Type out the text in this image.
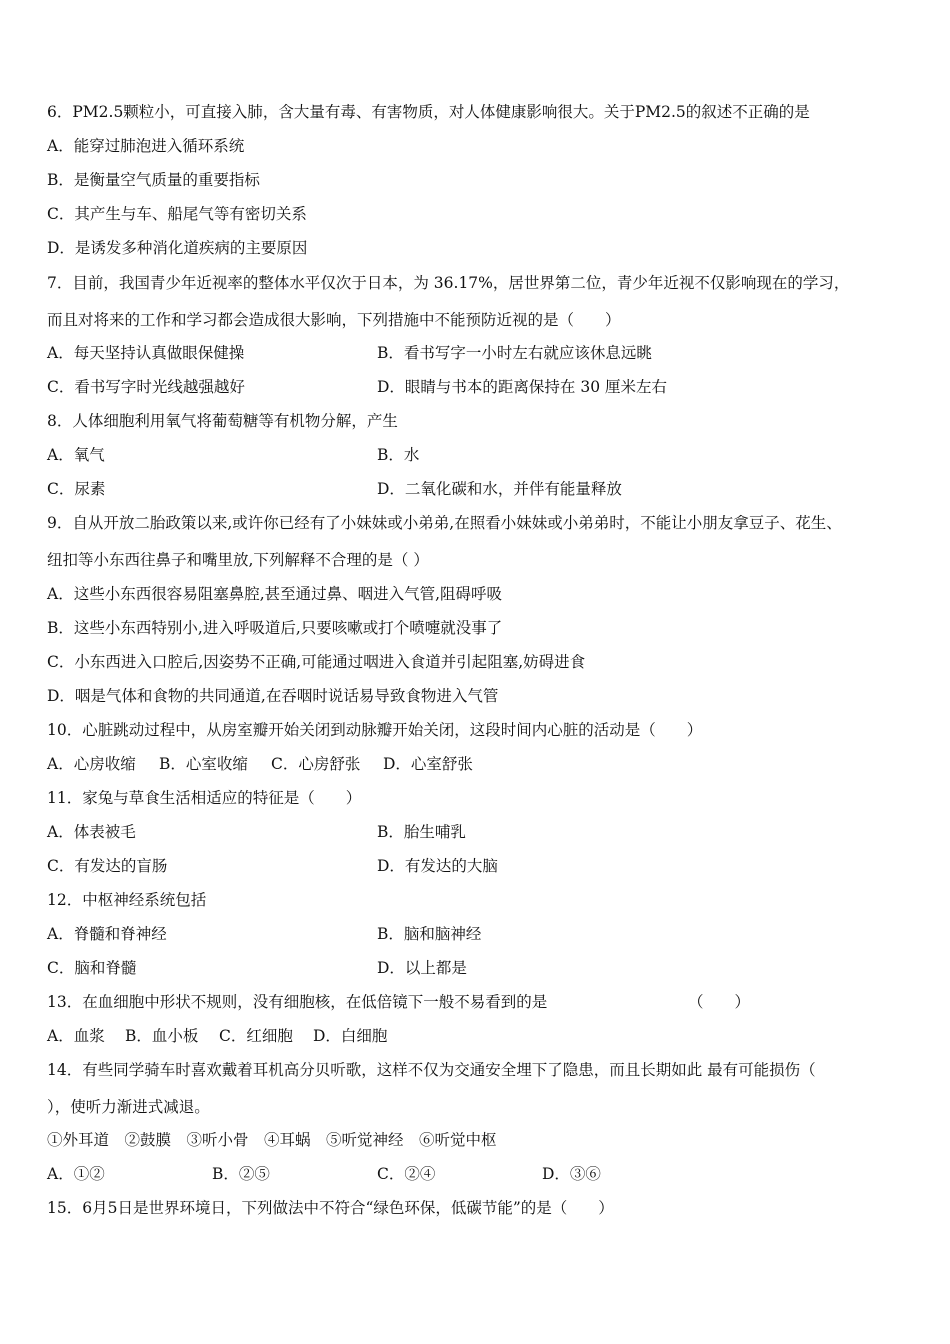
6．PM2.5颗粒小，可直接入肺，含大量有毒、有害物质，对人体健康影响很大。关于PM2.5的叙述不正确的是
A．能穿过肺泡进入循环系统
B．是衡量空气质量的重要指标
C．其产生与车、船尾气等有密切关系
D．是诱发多种消化道疾病的主要原因
7．目前，我国青少年近视率的整体水平仅次于日本，为 36.17%，居世界第二位，青少年近视不仅影响现在的学习，
而且对将来的工作和学习都会造成很大影响，下列措施中不能预防近视的是（　　）
A．每天坚持认真做眼保健操	B．看书写字一小时左右就应该休息远眺
C．看书写字时光线越强越好	D．眼睛与书本的距离保持在 30 厘米左右
8．人体细胞利用氧气将葡萄糖等有机物分解，产生
A．氧气	B．水
C．尿素	D．二氧化碳和水，并伴有能量释放
9．自从开放二胎政策以来,或许你已经有了小妹妹或小弟弟,在照看小妹妹或小弟弟时，不能让小朋友拿豆子、花生、
纽扣等小东西往鼻子和嘴里放,下列解释不合理的是（ ）
A．这些小东西很容易阻塞鼻腔,甚至通过鼻、咽进入气管,阻碍呼吸
B．这些小东西特别小,进入呼吸道后,只要咳嗽或打个喷嚏就没事了
C．小东西进入口腔后,因姿势不正确,可能通过咽进入食道并引起阻塞,妨碍进食
D．咽是气体和食物的共同通道,在吞咽时说话易导致食物进入气管
10．心脏跳动过程中，从房室瓣开始关闭到动脉瓣开始关闭，这段时间内心脏的活动是（　　）
A．心房收缩 B．心室收缩 C．心房舒张 D．心室舒张
11．家兔与草食生活相适应的特征是（　　）
A．体表被毛	B．胎生哺乳
C．有发达的盲肠	D．有发达的大脑
12．中枢神经系统包括
A．脊髓和脊神经	B．脑和脑神经
C．脑和脊髓	D．以上都是
13．在血细胞中形状不规则，没有细胞核，在低倍镜下一般不易看到的是	（　　）
A．血浆 B．血小板 C．红细胞 D．白细胞
14．有些同学骑车时喜欢戴着耳机高分贝听歌，这样不仅为交通安全埋下了隐患，而且长期如此 最有可能损伤（
），使听力渐进式减退。
①外耳道　②鼓膜　③听小骨　④耳蜗　⑤听觉神经　⑥听觉中枢
A．①②	B．②⑤	C．②④	D．③⑥
15．6月5日是世界环境日，下列做法中不符合“绿色环保，低碳节能”的是（　　）
